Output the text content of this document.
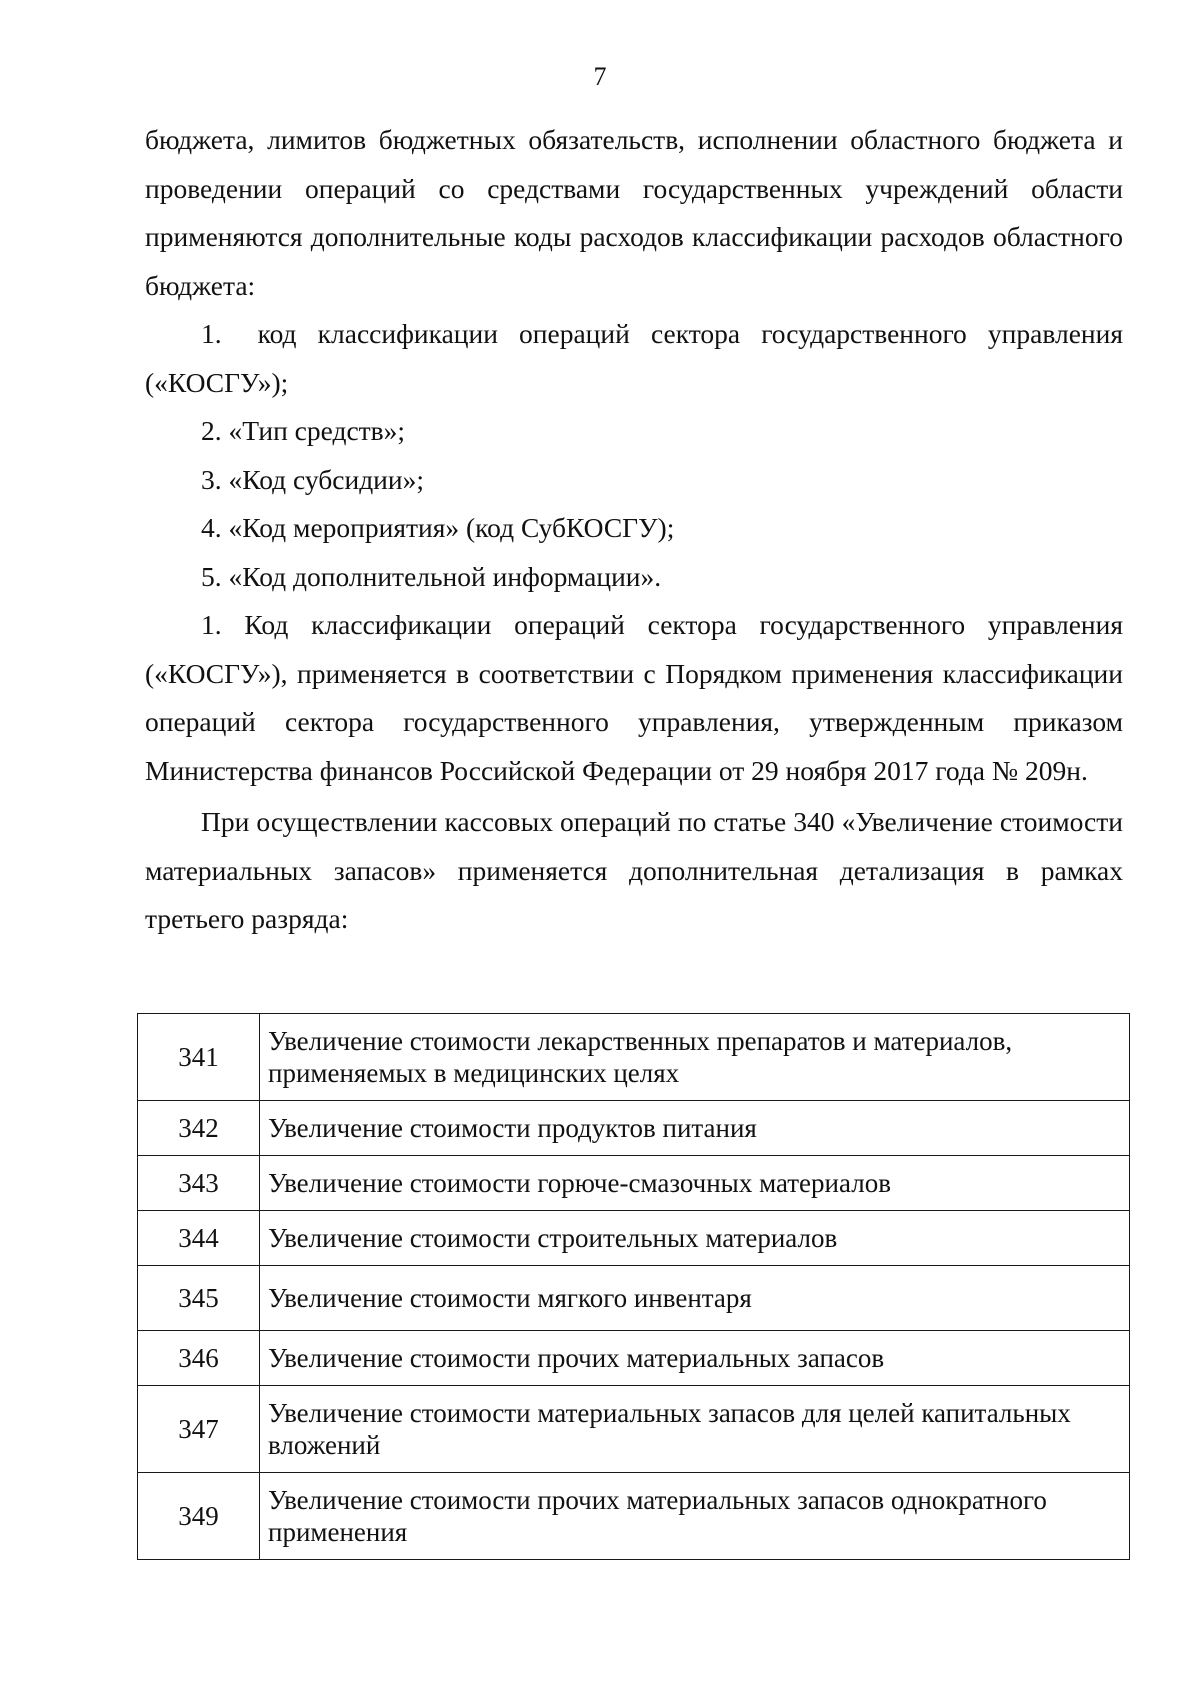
7

бюджета, лимитов бюджетных обязательств, исполнении областного бюджета и проведении операций со средствами государственных учреждений области применяются дополнительные коды расходов классификации расходов областного бюджета:

1. код классификации операций сектора государственного управления («КОСГУ»);

2. «Тип средств»;

3. «Код субсидии»;

4. «Код мероприятия» (код СубКОСГУ);

5. «Код дополнительной информации».

1. Код классификации операций сектора государственного управления («КОСГУ»), применяется в соответствии с Порядком применения классификации операций сектора государственного управления, утвержденным приказом Министерства финансов Российской Федерации от 29 ноября 2017 года № 209н.

При осуществлении кассовых операций по статье 340 «Увеличение стоимости материальных запасов» применяется дополнительная детализация в рамках третьего разряда:

341	Увеличение стоимости лекарственных препаратов и материалов, применяемых в медицинских целях
342	Увеличение стоимости продуктов питания
343	Увеличение стоимости горюче-смазочных материалов
344	Увеличение стоимости строительных материалов
345	Увеличение стоимости мягкого инвентаря
346	Увеличение стоимости прочих материальных запасов
347	Увеличение стоимости материальных запасов для целей капитальных вложений
349	Увеличение стоимости прочих материальных запасов однократного применения
